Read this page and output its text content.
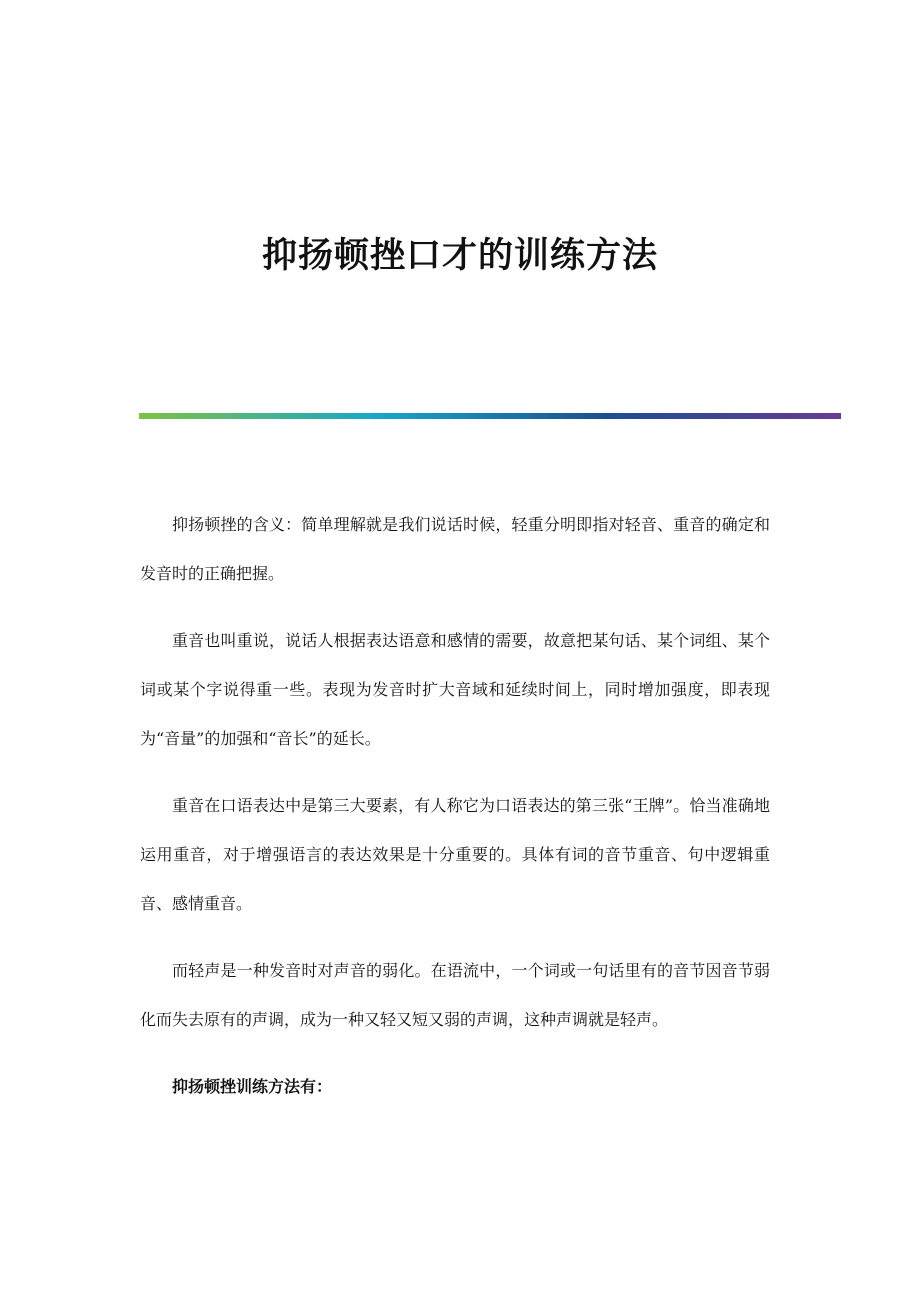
抑扬顿挫口才的训练方法

抑扬顿挫的含义：简单理解就是我们说话时候，轻重分明即指对轻音、重音的确定和发音时的正确把握。

重音也叫重说，说话人根据表达语意和感情的需要，故意把某句话、某个词组、某个词或某个字说得重一些。表现为发音时扩大音域和延续时间上，同时增加强度，即表现为“音量”的加强和“音长”的延长。

重音在口语表达中是第三大要素，有人称它为口语表达的第三张“王牌”。恰当准确地运用重音，对于增强语言的表达效果是十分重要的。具体有词的音节重音、句中逻辑重音、感情重音。

而轻声是一种发音时对声音的弱化。在语流中，一个词或一句话里有的音节因音节弱化而失去原有的声调，成为一种又轻又短又弱的声调，这种声调就是轻声。

抑扬顿挫训练方法有：
